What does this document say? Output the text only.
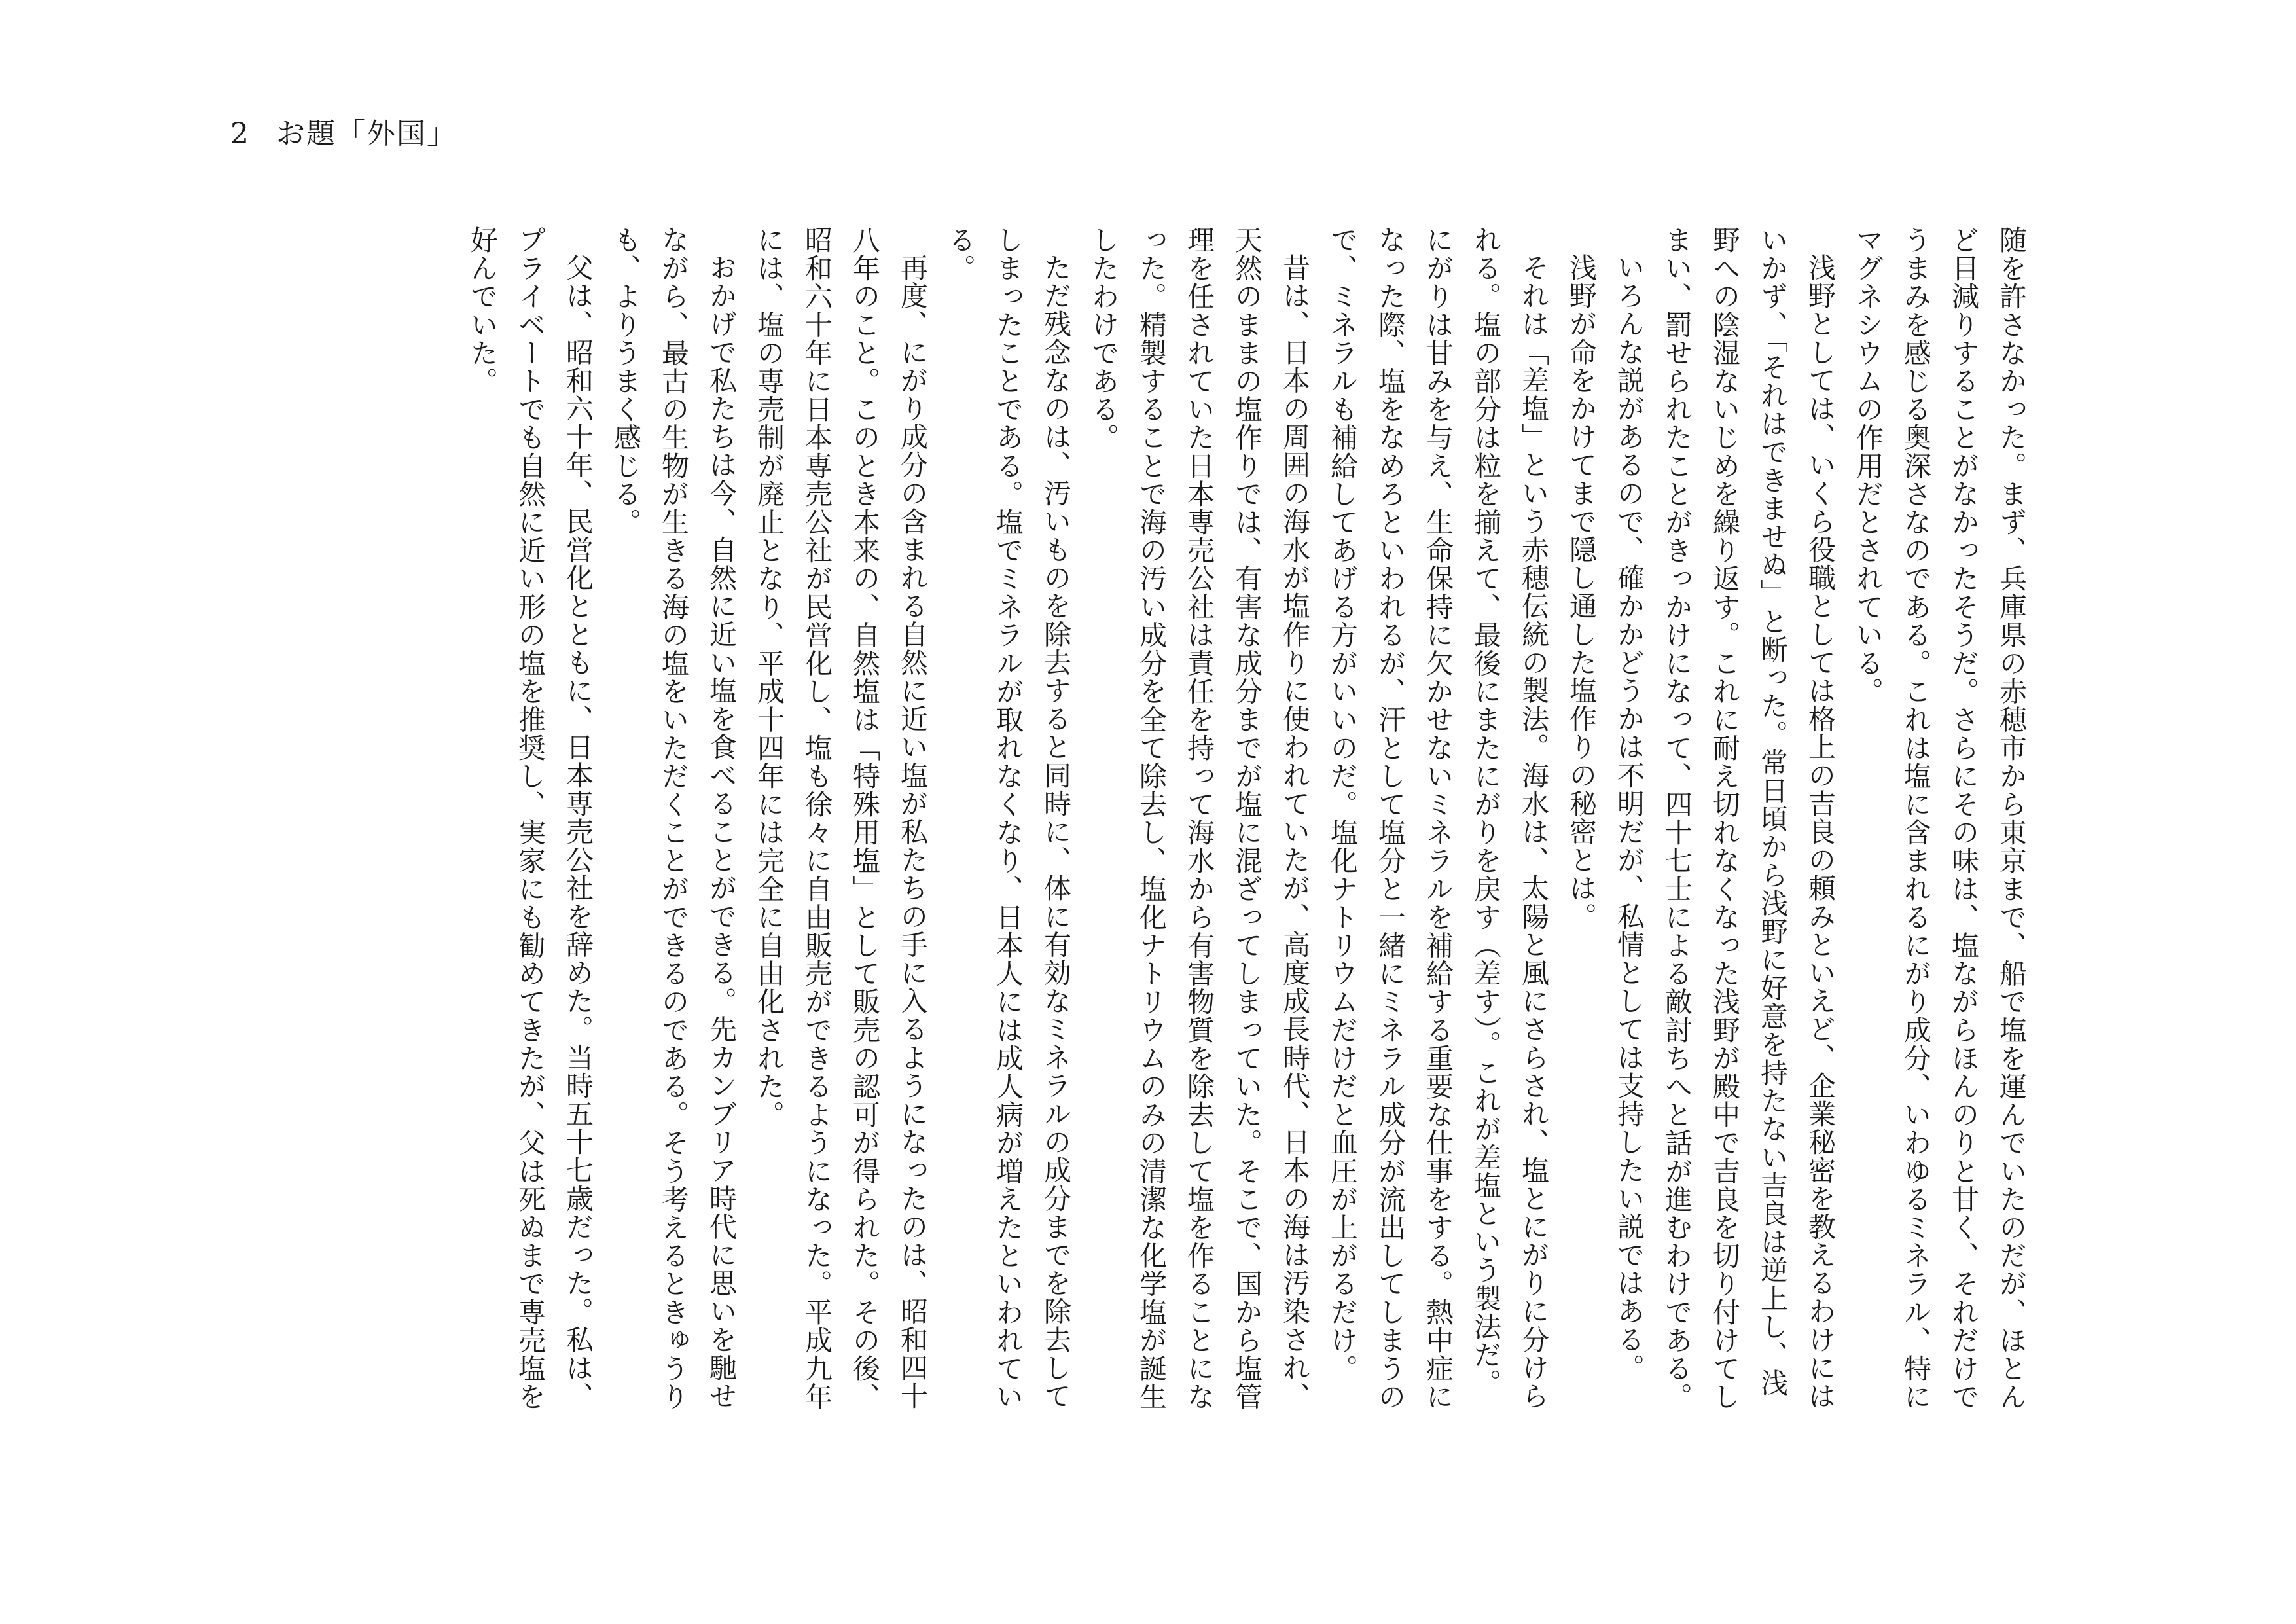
2 お題「外国」

随を許さなかった。まず、兵庫県の赤穂市から東京まで、船で塩を運んでいたのだが、ほとんど目減りすることがなかったそうだ。さらにその味は、塩ながらほんのりと甘く、それだけでうまみを感じる奥深さなのである。これは塩に含まれるにがり成分、いわゆるミネラル、特にマグネシウムの作用だとされている。

浅野としては、いくら役職としては格上の吉良の頼みといえど、企業秘密を教えるわけにはいかず、「それはできませぬ」と断った。常日頃から浅野に好意を持たない吉良は逆上し、浅野への陰湿ないじめを繰り返す。これに耐え切れなくなった浅野が殿中で吉良を切り付けてしまい、罰せられたことがきっかけになって、四十七士による敵討ちへと話が進むわけである。

いろんな説があるので、確かかどうかは不明だが、私情としては支持したい説ではある。

浅野が命をかけてまで隠し通した塩作りの秘密とは。

それは「差塩」という赤穂伝統の製法。海水は、太陽と風にさらされ、塩とにがりに分けられる。塩の部分は粒を揃えて、最後にまたにがりを戻す（差す）。これが差塩という製法だ。にがりは甘みを与え、生命保持に欠かせないミネラルを補給する重要な仕事をする。熱中症になった際、塩をなめろといわれるが、汗として塩分と一緒にミネラル成分が流出してしまうので、ミネラルも補給してあげる方がいいのだ。塩化ナトリウムだけだと血圧が上がるだけ。

昔は、日本の周囲の海水が塩作りに使われていたが、高度成長時代、日本の海は汚染され、天然のままの塩作りでは、有害な成分までが塩に混ざってしまっていた。そこで、国から塩管理を任されていた日本専売公社は責任を持って海水から有害物質を除去して塩を作ることになった。精製することで海の汚い成分を全て除去し、塩化ナトリウムのみの清潔な化学塩が誕生したわけである。

ただ残念なのは、汚いものを除去すると同時に、体に有効なミネラルの成分までを除去してしまったことである。塩でミネラルが取れなくなり、日本人には成人病が増えたといわれている。

再度、にがり成分の含まれる自然に近い塩が私たちの手に入るようになったのは、昭和四十八年のこと。このとき本来の、自然塩は「特殊用塩」として販売の認可が得られた。その後、昭和六十年に日本専売公社が民営化し、塩も徐々に自由販売ができるようになった。平成九年には、塩の専売制が廃止となり、平成十四年には完全に自由化された。

おかげで私たちは今、自然に近い塩を食べることができる。先カンブリア時代に思いを馳せながら、最古の生物が生きる海の塩をいただくことができるのである。そう考えるときゅうりも、よりうまく感じる。

父は、昭和六十年、民営化とともに、日本専売公社を辞めた。当時五十七歳だった。私は、プライベートでも自然に近い形の塩を推奨し、実家にも勧めてきたが、父は死ぬまで専売塩を好んでいた。
